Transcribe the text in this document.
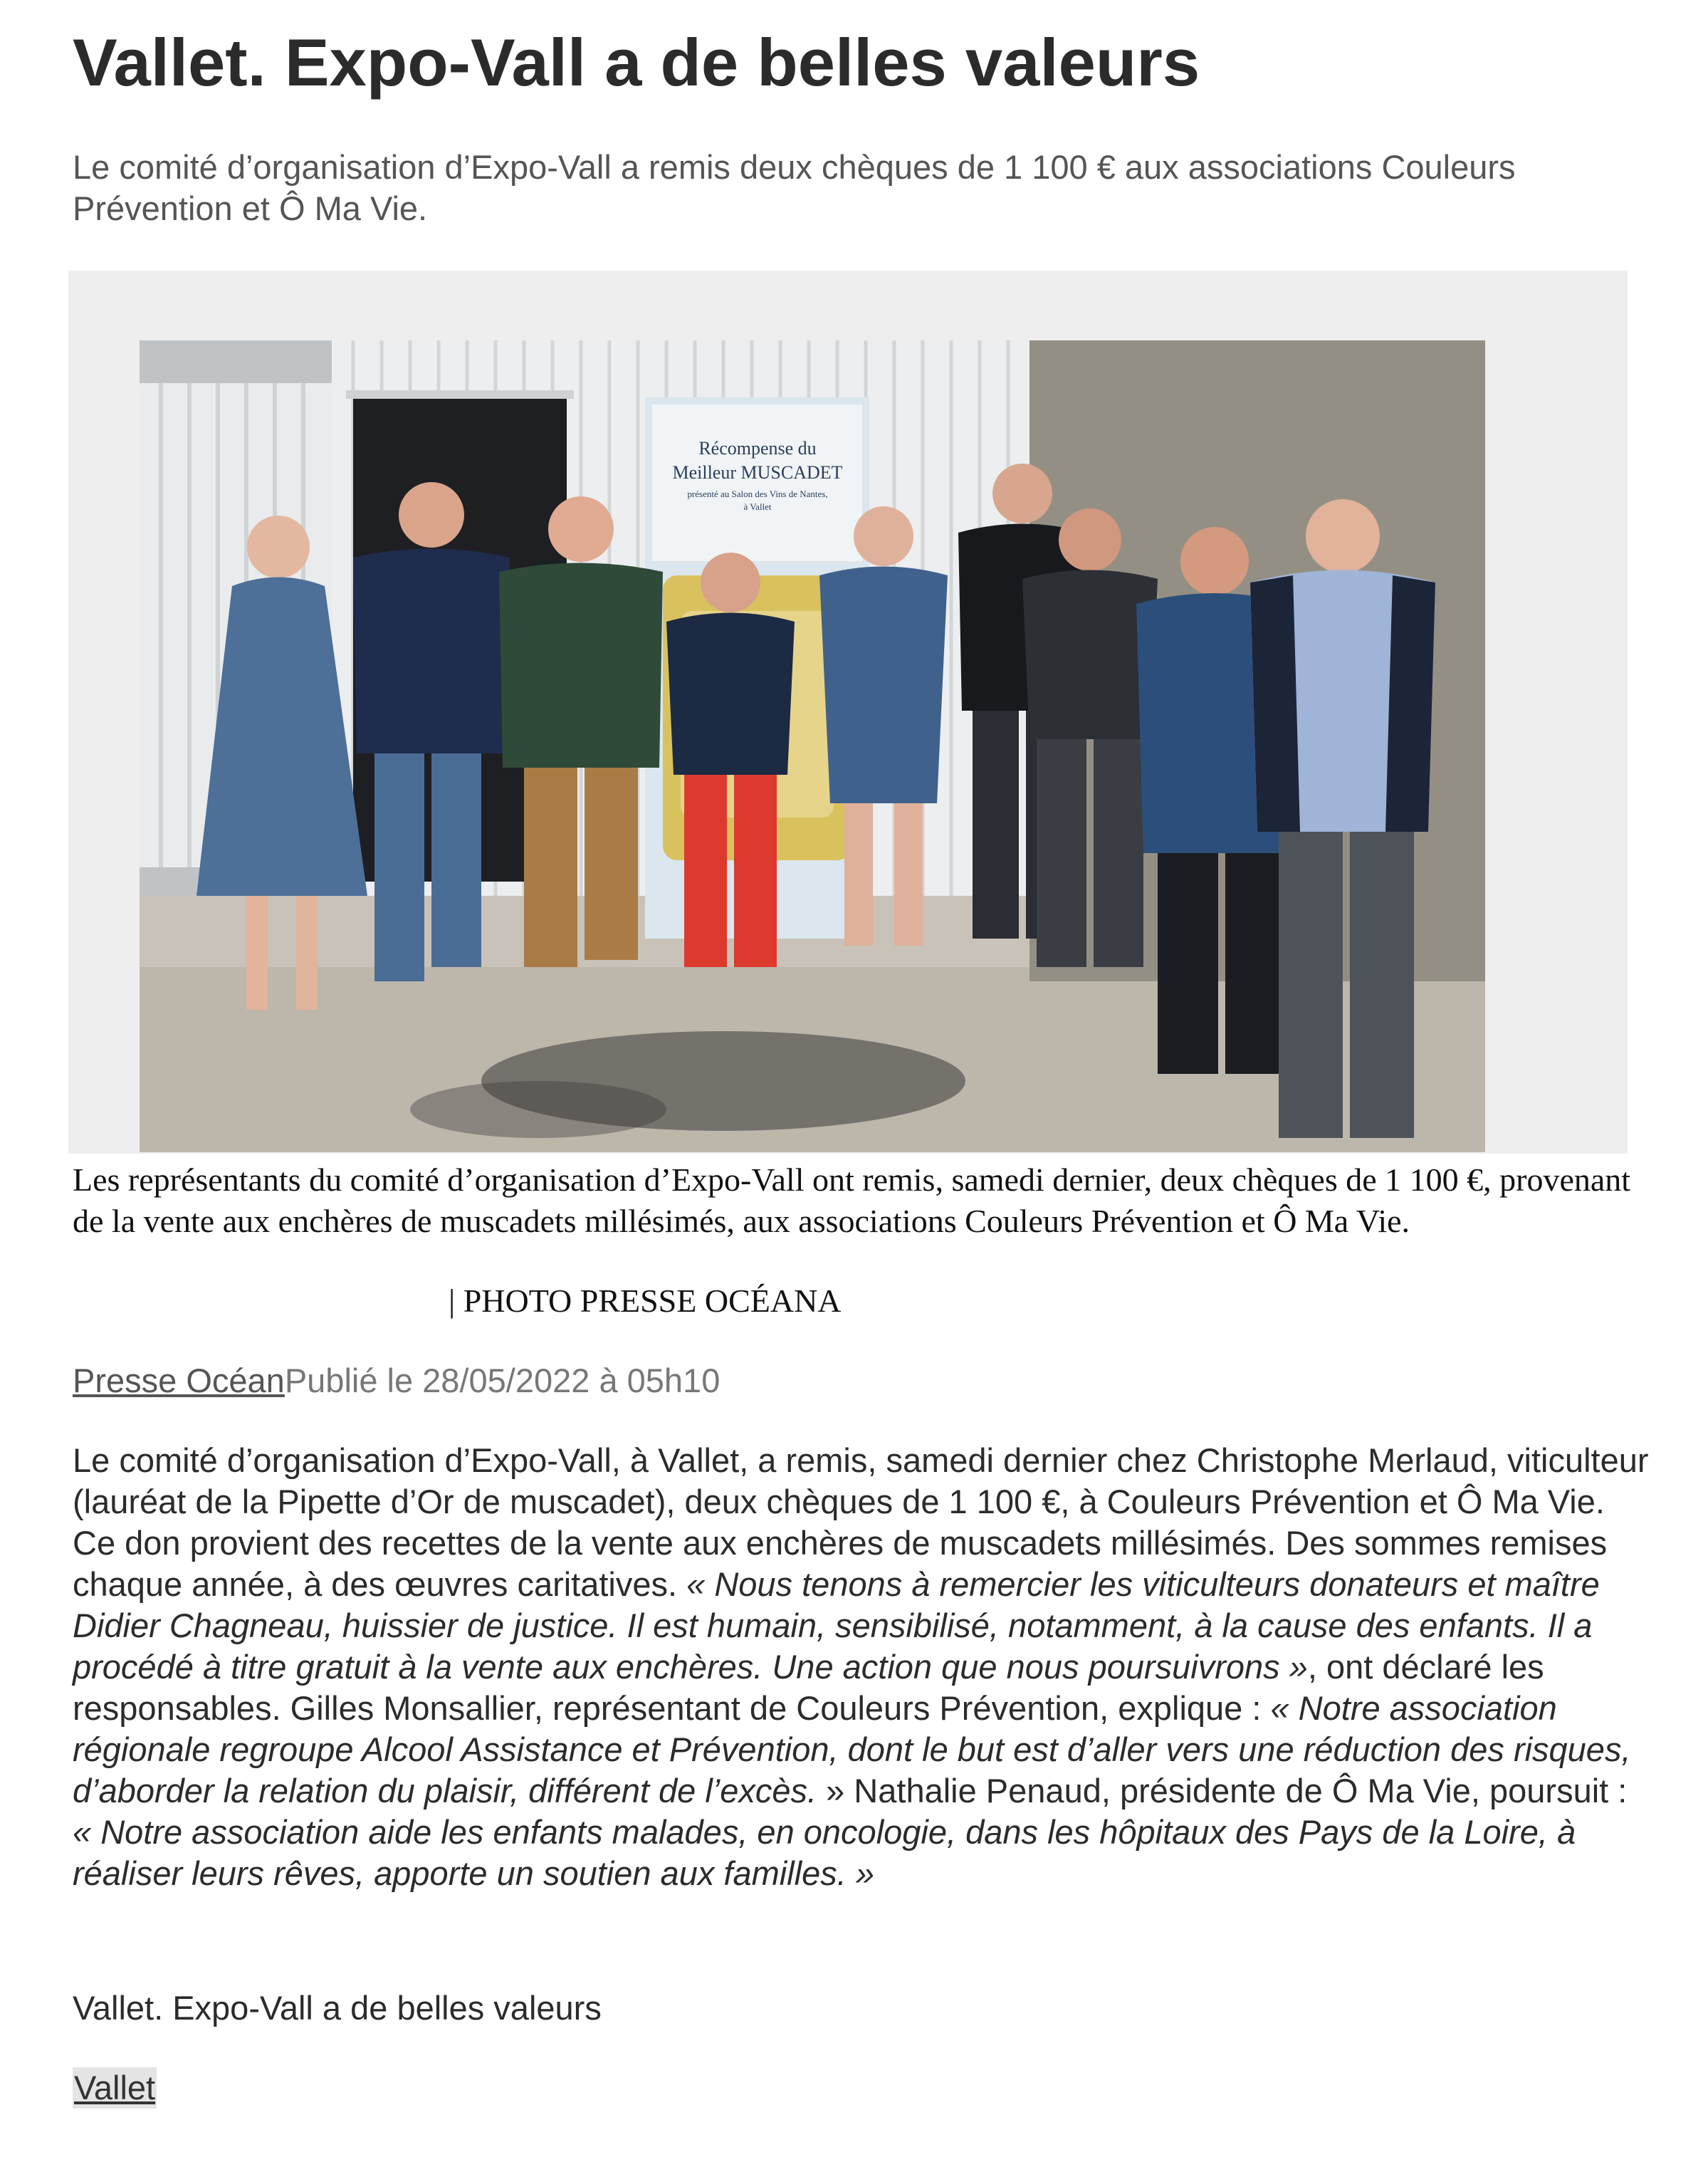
Vallet. Expo-Vall a de belles valeurs

Le comité d’organisation d’Expo-Vall a remis deux chèques de 1 100 € aux associations Couleurs Prévention et Ô Ma Vie.

Récompense du
Meilleur MUSCADET
présenté au Salon des Vins de Nantes,
à Vallet

Les représentants du comité d’organisation d’Expo-Vall ont remis, samedi dernier, deux chèques de 1 100 €, provenant de la vente aux enchères de muscadets millésimés, aux associations Couleurs Prévention et Ô Ma Vie.

| PHOTO PRESSE OCÉANA

Presse OcéanPublié le 28/05/2022 à 05h10

Le comité d’organisation d’Expo-Vall, à Vallet, a remis, samedi dernier chez Christophe Merlaud, viticulteur (lauréat de la Pipette d’Or de muscadet), deux chèques de 1 100 €, à Couleurs Prévention et Ô Ma Vie. Ce don provient des recettes de la vente aux enchères de muscadets millésimés. Des sommes remises chaque année, à des œuvres caritatives. « Nous tenons à remercier les viticulteurs donateurs et maître Didier Chagneau, huissier de justice. Il est humain, sensibilisé, notamment, à la cause des enfants. Il a procédé à titre gratuit à la vente aux enchères. Une action que nous poursuivrons », ont déclaré les responsables. Gilles Monsallier, représentant de Couleurs Prévention, explique : « Notre association régionale regroupe Alcool Assistance et Prévention, dont le but est d’aller vers une réduction des risques, d’aborder la relation du plaisir, différent de l’excès. » Nathalie Penaud, présidente de Ô Ma Vie, poursuit : « Notre association aide les enfants malades, en oncologie, dans les hôpitaux des Pays de la Loire, à réaliser leurs rêves, apporte un soutien aux familles. »

Vallet. Expo-Vall a de belles valeurs

Vallet
